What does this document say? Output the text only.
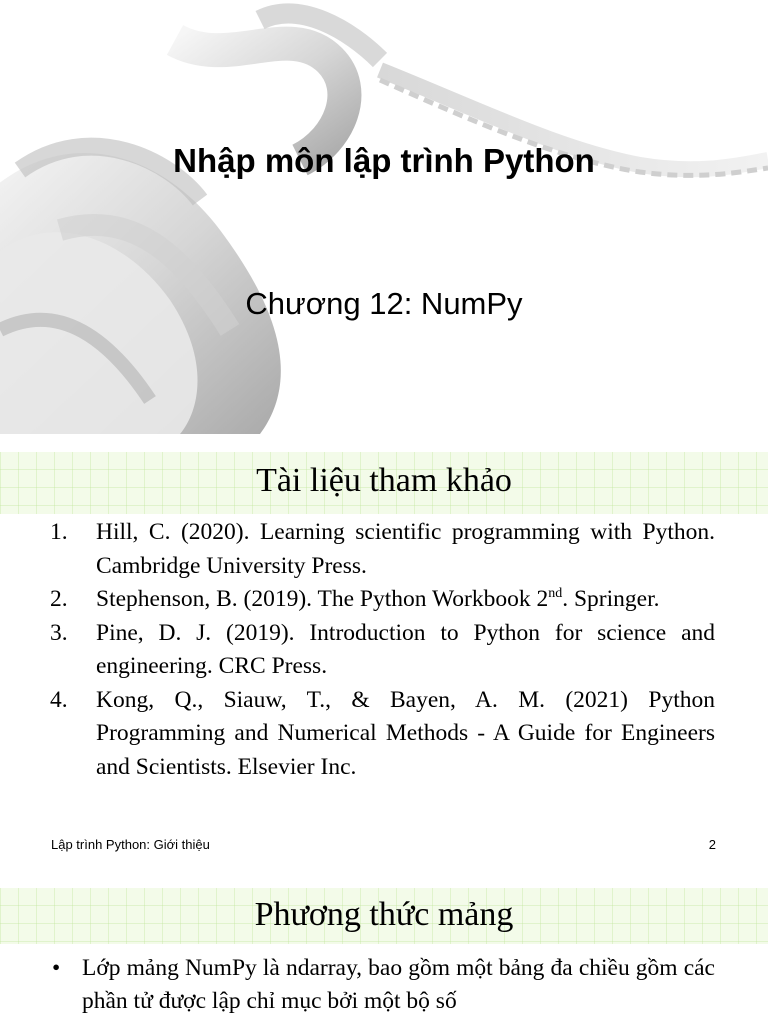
Nhập môn lập trình Python
Chương 12: NumPy
Tài liệu tham khảo
1. Hill, C. (2020). Learning scientific programming with Python. Cambridge University Press.
2. Stephenson, B. (2019). The Python Workbook 2nd. Springer.
3. Pine, D. J. (2019). Introduction to Python for science and engineering. CRC Press.
4. Kong, Q., Siauw, T., & Bayen, A. M. (2021) Python Programming and Numerical Methods - A Guide for Engineers and Scientists. Elsevier Inc.
Lập trình Python: Giới thiệu	2
Phương thức mảng
• Lớp mảng NumPy là ndarray, bao gồm một bảng đa chiều gồm các phần tử được lập chỉ mục bởi một bộ số
